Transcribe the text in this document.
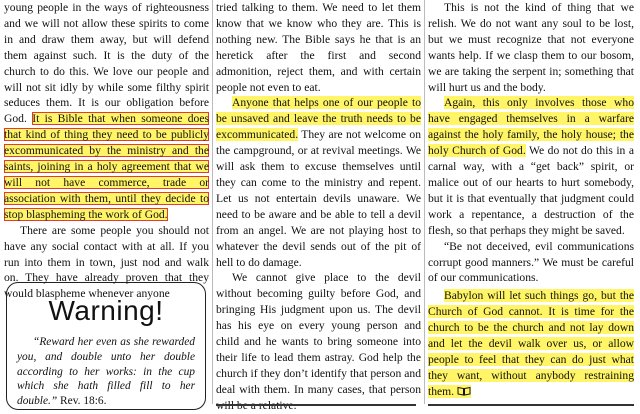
young people in the ways of righteousness and we will not allow these spirits to come in and draw them away, but will defend them against such. It is the duty of the church to do this. We love our people and will not sit idly by while some filthy spirit seduces them. It is our obligation before God. It is Bible that when someone does that kind of thing they need to be publicly excommunicated by the ministry and the saints, joining in a holy agreement that we will not have commerce, trade or association with them, until they decide to stop blaspheming the work of God.

There are some people you should not have any social contact with at all. If you run into them in town, just nod and walk on. They have already proven that they would blaspheme whenever anyone

Warning!

“Reward her even as she rewarded you, and double unto her double according to her works: in the cup which she hath filled fill to her double.” Rev. 18:6.

tried talking to them. We need to let them know that we know who they are. This is nothing new. The Bible says he that is an heretick after the first and second admonition, reject them, and with certain people not even to eat.

Anyone that helps one of our people to be unsaved and leave the truth needs to be excommunicated. They are not welcome on the campground, or at revival meetings. We will ask them to excuse themselves until they can come to the ministry and repent. Let us not entertain devils unaware. We need to be aware and be able to tell a devil from an angel. We are not playing host to whatever the devil sends out of the pit of hell to do damage.

We cannot give place to the devil without becoming guilty before God, and bringing His judgment upon us. The devil has his eye on every young person and child and he wants to bring someone into their life to lead them astray. God help the church if they don’t identify that person and deal with them. In many cases, that person

This is not the kind of thing that we relish. We do not want any soul to be lost, but we must recognize that not everyone wants help. If we clasp them to our bosom, we are taking the serpent in; something that will hurt us and the body.

Again, this only involves those who have engaged themselves in a warfare against the holy family, the holy house; the holy Church of God. We do not do this in a carnal way, with a “get back” spirit, or malice out of our hearts to hurt somebody, but it is that eventually that judgment could work a repentance, a destruction of the flesh, so that perhaps they might be saved.

“Be not deceived, evil communications corrupt good manners.” We must be careful of our communications.

Babylon will let such things go, but the Church of God cannot. It is time for the church to be the church and not lay down and let the devil walk over us, or allow people to feel that they can do just what they want, without anybody restraining them.
